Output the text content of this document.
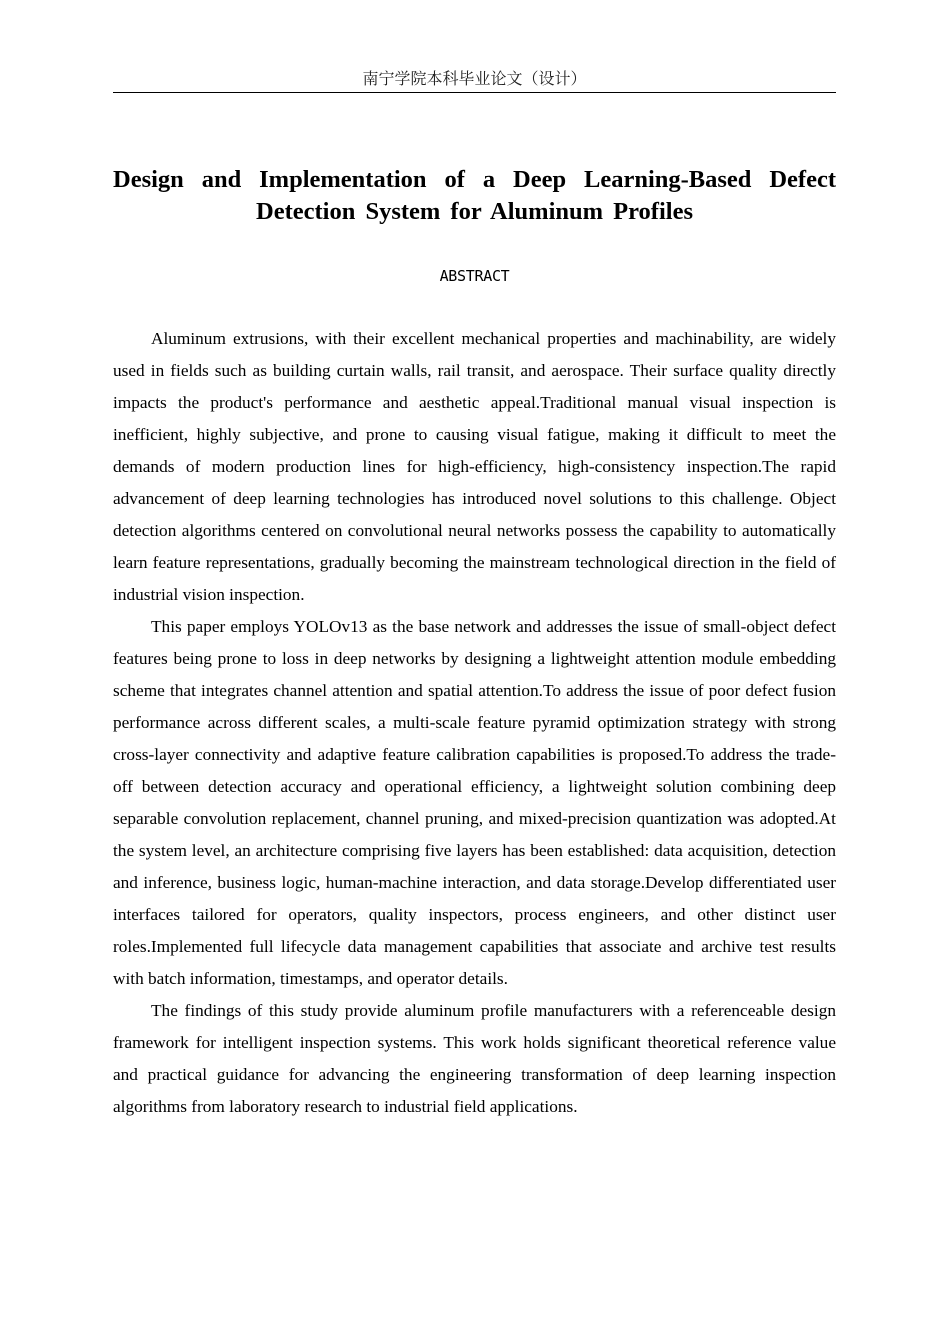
南宁学院本科毕业论文（设计）
Design and Implementation of a Deep Learning-Based Defect Detection System for Aluminum Profiles
ABSTRACT

Aluminum extrusions, with their excellent mechanical properties and machinability, are widely used in fields such as building curtain walls, rail transit, and aerospace. Their surface quality directly impacts the product's performance and aesthetic appeal.Traditional manual visual inspection is inefficient, highly subjective, and prone to causing visual fatigue, making it difficult to meet the demands of modern production lines for high-efficiency, high-consistency inspection.The rapid advancement of deep learning technologies has introduced novel solutions to this challenge. Object detection algorithms centered on convolutional neural networks possess the capability to automatically learn feature representations, gradually becoming the mainstream technological direction in the field of industrial vision inspection.

This paper employs YOLOv13 as the base network and addresses the issue of small-object defect features being prone to loss in deep networks by designing a lightweight attention module embedding scheme that integrates channel attention and spatial attention.To address the issue of poor defect fusion performance across different scales, a multi-scale feature pyramid optimization strategy with strong cross-layer connectivity and adaptive feature calibration capabilities is proposed.To address the trade-off between detection accuracy and operational efficiency, a lightweight solution combining deep separable convolution replacement, channel pruning, and mixed-precision quantization was adopted.At the system level, an architecture comprising five layers has been established: data acquisition, detection and inference, business logic, human-machine interaction, and data storage.Develop differentiated user interfaces tailored for operators, quality inspectors, process engineers, and other distinct user roles.Implemented full lifecycle data management capabilities that associate and archive test results with batch information, timestamps, and operator details.

The findings of this study provide aluminum profile manufacturers with a referenceable design framework for intelligent inspection systems. This work holds significant theoretical reference value and practical guidance for advancing the engineering transformation of deep learning inspection algorithms from laboratory research to industrial field applications.
